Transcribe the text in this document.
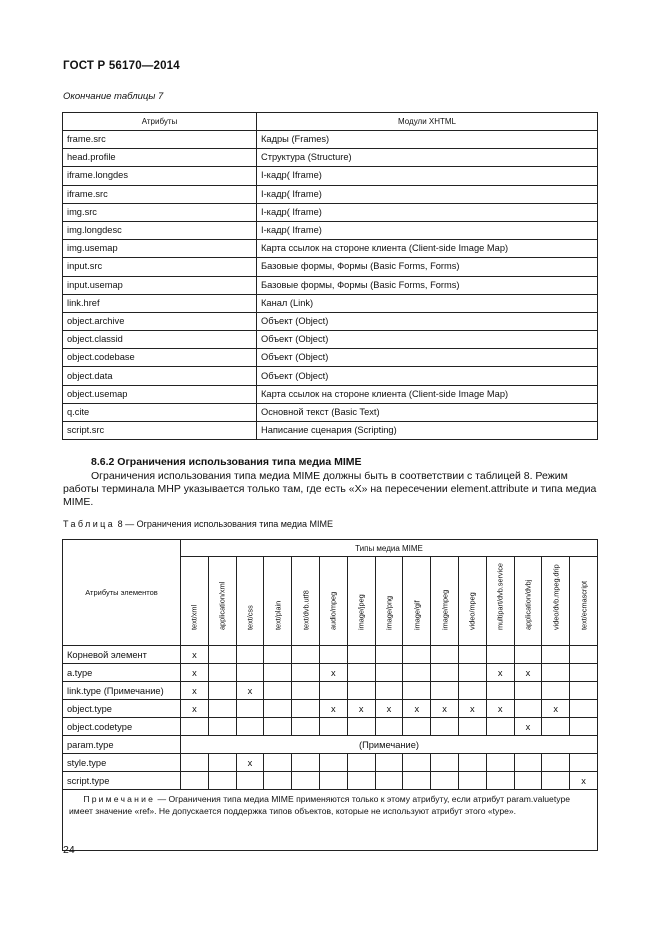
ГОСТ Р 56170—2014
Окончание таблицы 7
Атрибуты	Модули XHTML
frame.src	Кадры (Frames)
head.profile	Структура (Structure)
iframe.longdes	I-кадр( Iframe)
iframe.src	I-кадр( Iframe)
img.src	I-кадр( Iframe)
img.longdesc	I-кадр( Iframe)
img.usemap	Карта ссылок на стороне клиента (Client-side Image Map)
input.src	Базовые формы, Формы (Basic Forms, Forms)
input.usemap	Базовые формы, Формы (Basic Forms, Forms)
link.href	Канал (Link)
object.archive	Объект (Object)
object.classid	Объект (Object)
object.codebase	Объект (Object)
object.data	Объект (Object)
object.usemap	Карта ссылок на стороне клиента (Client-side Image Map)
q.cite	Основной текст (Basic Text)
script.src	Написание сценария (Scripting)
8.6.2 Ограничения использования типа медиа MIME
Ограничения использования типа медиа MIME должны быть в соответствии с таблицей 8. Режим работы терминала МНР указывается только там, где есть «X» на пересечении element.attribute и типа медиа MIME.
Таблица 8 — Ограничения использования типа медиа MIME
Атрибуты элементов	Типы медиа MIME														

	text/xml	application/xml	text/css	text/plain	text/dvb.utf8	audio/mpeg	image/jpeg	image/png	image/gif	image/mpeg	video/mpeg	multipart/dvb.service	application/dvbj	video/dvb.mpeg.drip	text/ecmascript

Корневой элемент	x														
a.type	x					x						x	x		
link.type (Примечание)	x		x												
object.type	x					x	x	x	x	x	x	x		x	
object.codetype													x		
param.type	(Примечание)														
style.type			x												
script.type															x
Примечание — Ограничения типа медиа MIME применяются только к этому атрибуту, если атрибут param.valuetype имеет значение «ref». Не допускается поддержка типов объектов, которые не используют атрибут этого «type».															
24
